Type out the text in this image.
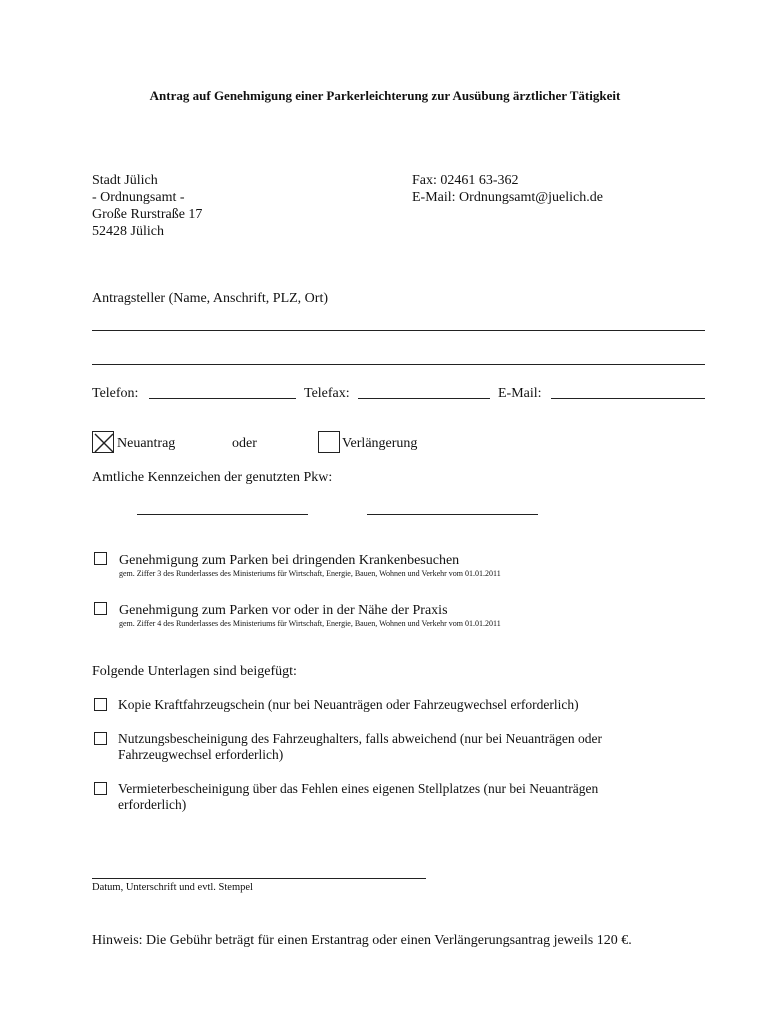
Antrag auf Genehmigung einer Parkerleichterung zur Ausübung ärztlicher Tätigkeit
Stadt Jülich
- Ordnungsamt -
Große Rurstraße 17
52428 Jülich
Fax: 02461 63-362
E-Mail: Ordnungsamt@juelich.de
Antragsteller (Name, Anschrift, PLZ, Ort)
Telefon:	Telefax:	E-Mail:
Neuantrag	oder	Verlängerung
Amtliche Kennzeichen der genutzten Pkw:
Genehmigung zum Parken bei dringenden Krankenbesuchen
gem. Ziffer 3 des Runderlasses des Ministeriums für Wirtschaft, Energie, Bauen, Wohnen und Verkehr vom 01.01.2011
Genehmigung zum Parken vor oder in der Nähe der Praxis
gem. Ziffer 4 des Runderlasses des Ministeriums für Wirtschaft, Energie, Bauen, Wohnen und Verkehr vom 01.01.2011
Folgende Unterlagen sind beigefügt:
Kopie Kraftfahrzeugschein (nur bei Neuanträgen oder Fahrzeugwechsel erforderlich)
Nutzungsbescheinigung des Fahrzeughalters, falls abweichend (nur bei Neuanträgen oder
Fahrzeugwechsel erforderlich)
Vermieterbescheinigung über das Fehlen eines eigenen Stellplatzes (nur bei Neuanträgen
erforderlich)
Datum, Unterschrift und evtl. Stempel
Hinweis: Die Gebühr beträgt für einen Erstantrag oder einen Verlängerungsantrag jeweils 120 €.
